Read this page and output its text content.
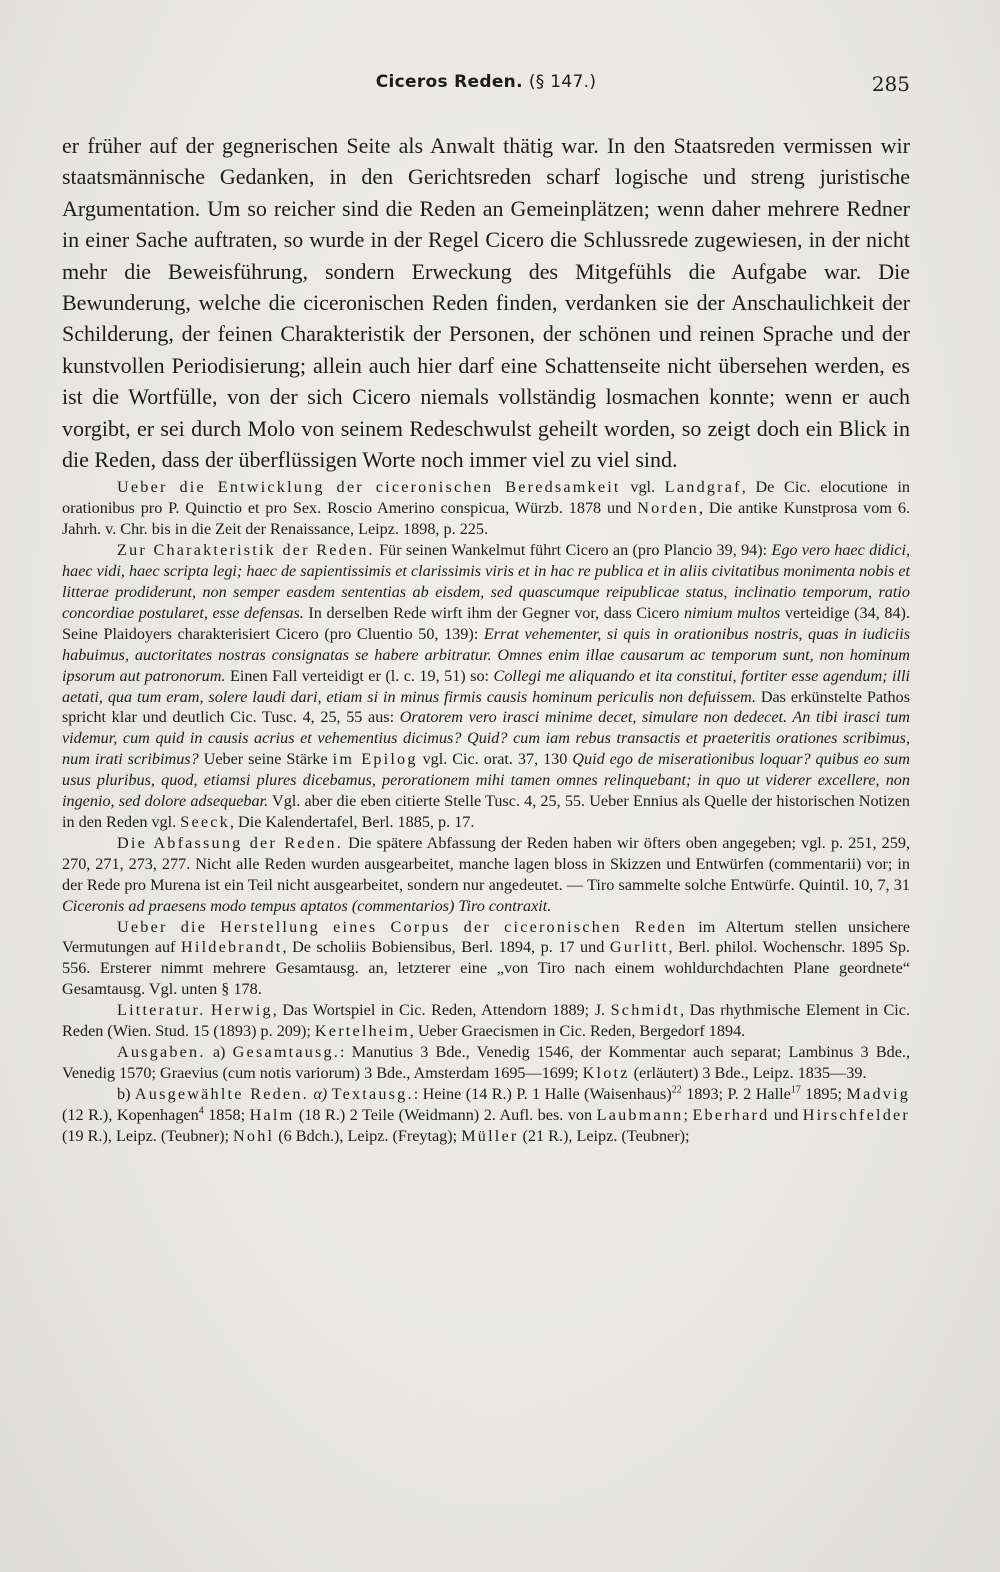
Ciceros Reden. (§ 147.)	285

er früher auf der gegnerischen Seite als Anwalt thätig war. In den Staatsreden vermissen wir staatsmännische Gedanken, in den Gerichtsreden scharf logische und streng juristische Argumentation. Um so reicher sind die Reden an Gemeinplätzen; wenn daher mehrere Redner in einer Sache auftraten, so wurde in der Regel Cicero die Schlussrede zugewiesen, in der nicht mehr die Beweisführung, sondern Erweckung des Mitgefühls die Aufgabe war. Die Bewunderung, welche die ciceronischen Reden finden, verdanken sie der Anschaulichkeit der Schilderung, der feinen Charakteristik der Personen, der schönen und reinen Sprache und der kunstvollen Periodisierung; allein auch hier darf eine Schattenseite nicht übersehen werden, es ist die Wortfülle, von der sich Cicero niemals vollständig losmachen konnte; wenn er auch vorgibt, er sei durch Molo von seinem Redeschwulst geheilt worden, so zeigt doch ein Blick in die Reden, dass der überflüssigen Worte noch immer viel zu viel sind.

Ueber die Entwicklung der ciceronischen Beredsamkeit vgl. Landgraf, De Cic. elocutione in orationibus pro P. Quinctio et pro Sex. Roscio Amerino conspicua, Würzb. 1878 und Norden, Die antike Kunstprosa vom 6. Jahrh. v. Chr. bis in die Zeit der Renaissance, Leipz. 1898, p. 225.

Zur Charakteristik der Reden. Für seinen Wankelmut führt Cicero an (pro Plancio 39, 94): Ego vero haec didici, haec vidi, haec scripta legi; haec de sapientissimis et clarissimis viris et in hac re publica et in aliis civitatibus monimenta nobis et litterae prodiderunt, non semper easdem sententias ab eisdem, sed quascumque reipublicae status, inclinatio temporum, ratio concordiae postularet, esse defensas. In derselben Rede wirft ihm der Gegner vor, dass Cicero nimium multos verteidige (34, 84). Seine Plaidoyers charakterisiert Cicero (pro Cluentio 50, 139): Errat vehementer, si quis in orationibus nostris, quas in iudiciis habuimus, auctoritates nostras consignatas se habere arbitratur. Omnes enim illae causarum ac temporum sunt, non hominum ipsorum aut patronorum. Einen Fall verteidigt er (l. c. 19, 51) so: Collegi me aliquando et ita constitui, fortiter esse agendum; illi aetati, qua tum eram, solere laudi dari, etiam si in minus firmis causis hominum periculis non defuissem. Das erkünstelte Pathos spricht klar und deutlich Cic. Tusc. 4, 25, 55 aus: Oratorem vero irasci minime decet, simulare non dedecet. An tibi irasci tum videmur, cum quid in causis acrius et vehementius dicimus? Quid? cum iam rebus transactis et praeteritis orationes scribimus, num irati scribimus? Ueber seine Stärke im Epilog vgl. Cic. orat. 37, 130 Quid ego de miserationibus loquar? quibus eo sum usus pluribus, quod, etiamsi plures dicebamus, perorationem mihi tamen omnes relinquebant; in quo ut viderer excellere, non ingenio, sed dolore adsequebar. Vgl. aber die eben citierte Stelle Tusc. 4, 25, 55. Ueber Ennius als Quelle der historischen Notizen in den Reden vgl. Seeck, Die Kalendertafel, Berl. 1885, p. 17.

Die Abfassung der Reden. Die spätere Abfassung der Reden haben wir öfters oben angegeben; vgl. p. 251, 259, 270, 271, 273, 277. Nicht alle Reden wurden ausgearbeitet, manche lagen bloss in Skizzen und Entwürfen (commentarii) vor; in der Rede pro Murena ist ein Teil nicht ausgearbeitet, sondern nur angedeutet. — Tiro sammelte solche Entwürfe. Quintil. 10, 7, 31 Ciceronis ad praesens modo tempus aptatos (commentarios) Tiro contraxit.

Ueber die Herstellung eines Corpus der ciceronischen Reden im Altertum stellen unsichere Vermutungen auf Hildebrandt, De scholiis Bobiensibus, Berl. 1894, p. 17 und Gurlitt, Berl. philol. Wochenschr. 1895 Sp. 556. Ersterer nimmt mehrere Gesamtausg. an, letzterer eine „von Tiro nach einem wohldurchdachten Plane geordnete“ Gesamtausg. Vgl. unten § 178.

Litteratur. Herwig, Das Wortspiel in Cic. Reden, Attendorn 1889; J. Schmidt, Das rhythmische Element in Cic. Reden (Wien. Stud. 15 (1893) p. 209); Kertelheim, Ueber Graecismen in Cic. Reden, Bergedorf 1894.

Ausgaben. a) Gesamtausg.: Manutius 3 Bde., Venedig 1546, der Kommentar auch separat; Lambinus 3 Bde., Venedig 1570; Graevius (cum notis variorum) 3 Bde., Amsterdam 1695—1699; Klotz (erläutert) 3 Bde., Leipz. 1835—39.

b) Ausgewählte Reden. α) Textausg.: Heine (14 R.) P. 1 Halle (Waisenhaus)$^{22}$ 1893; P. 2 Halle$^{17}$ 1895; Madvig (12 R.), Kopenhagen$^4$ 1858; Halm (18 R.) 2 Teile (Weidmann) 2. Aufl. bes. von Laubmann; Eberhard und Hirschfelder (19 R.), Leipz. (Teubner); Nohl (6 Bdch.), Leipz. (Freytag); Müller (21 R.), Leipz. (Teubner);
